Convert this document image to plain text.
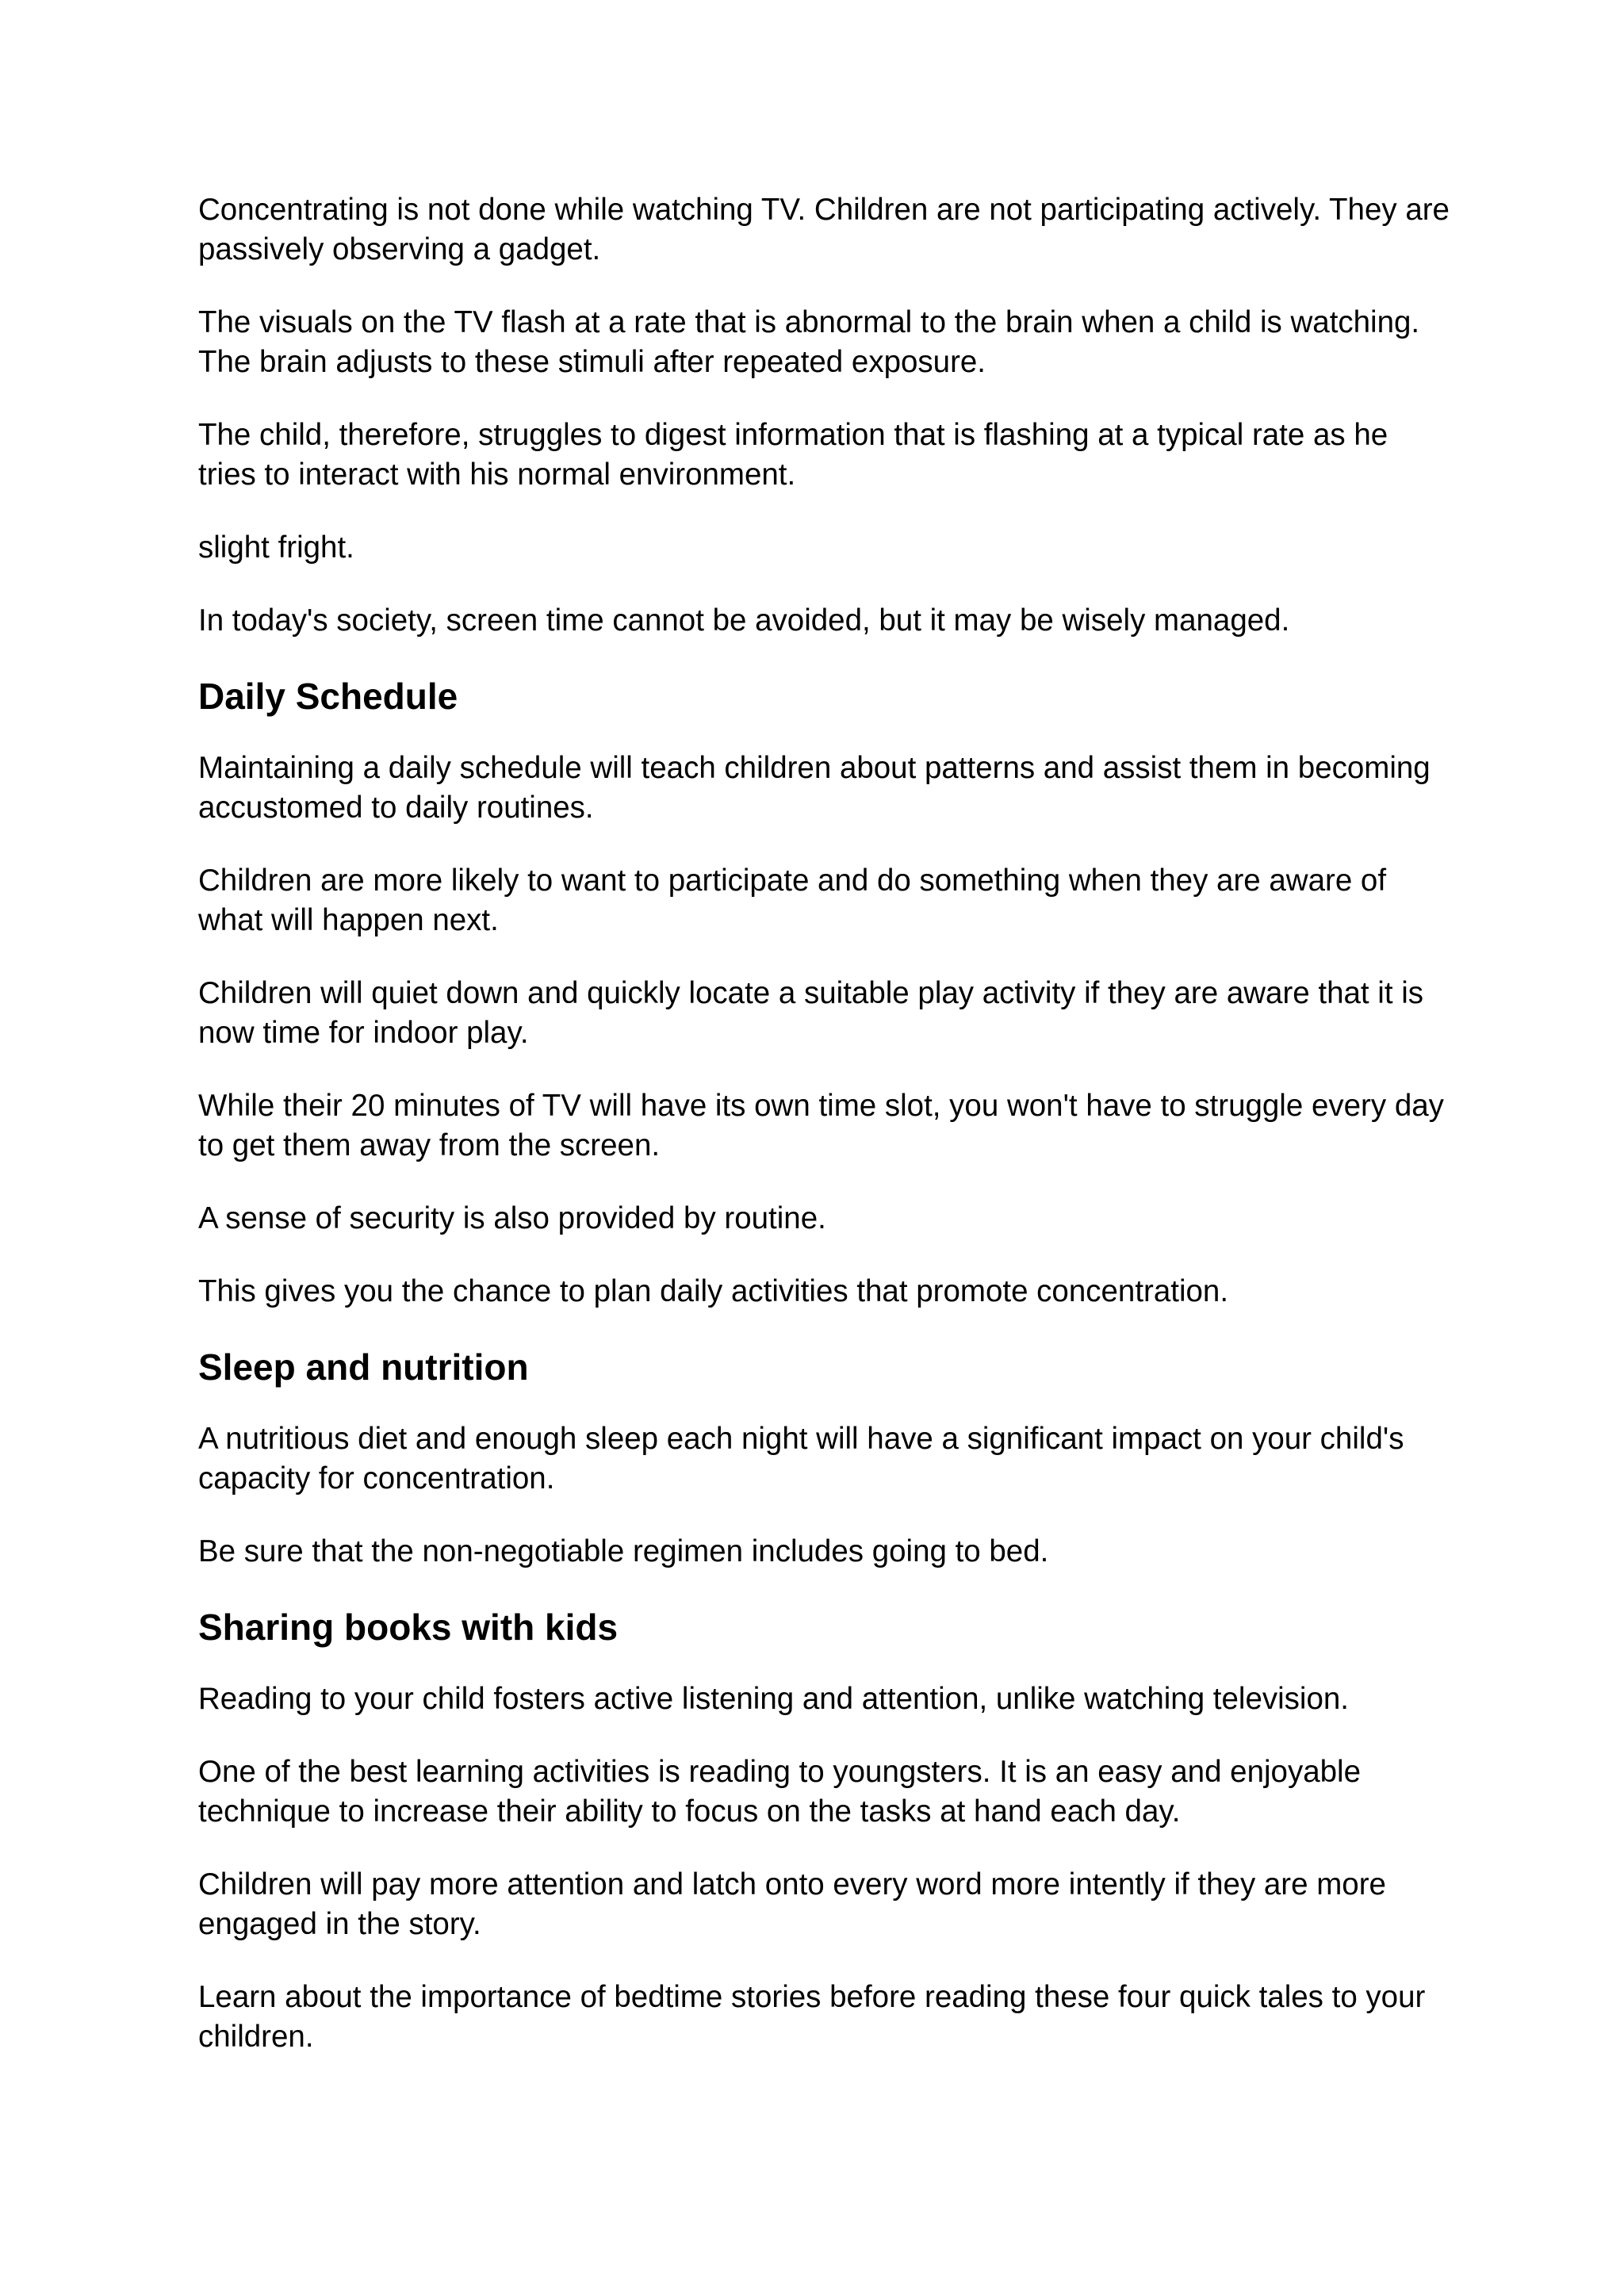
Concentrating is not done while watching TV. Children are not participating actively. They are passively observing a gadget.

The visuals on the TV flash at a rate that is abnormal to the brain when a child is watching. The brain adjusts to these stimuli after repeated exposure.

The child, therefore, struggles to digest information that is flashing at a typical rate as he tries to interact with his normal environment.

slight fright.

In today's society, screen time cannot be avoided, but it may be wisely managed.

Daily Schedule

Maintaining a daily schedule will teach children about patterns and assist them in becoming accustomed to daily routines.

Children are more likely to want to participate and do something when they are aware of what will happen next.

Children will quiet down and quickly locate a suitable play activity if they are aware that it is now time for indoor play.

While their 20 minutes of TV will have its own time slot, you won't have to struggle every day to get them away from the screen.

A sense of security is also provided by routine.

This gives you the chance to plan daily activities that promote concentration.

Sleep and nutrition

A nutritious diet and enough sleep each night will have a significant impact on your child's capacity for concentration.

Be sure that the non-negotiable regimen includes going to bed.

Sharing books with kids

Reading to your child fosters active listening and attention, unlike watching television.

One of the best learning activities is reading to youngsters. It is an easy and enjoyable technique to increase their ability to focus on the tasks at hand each day.

Children will pay more attention and latch onto every word more intently if they are more engaged in the story.

Learn about the importance of bedtime stories before reading these four quick tales to your children.
